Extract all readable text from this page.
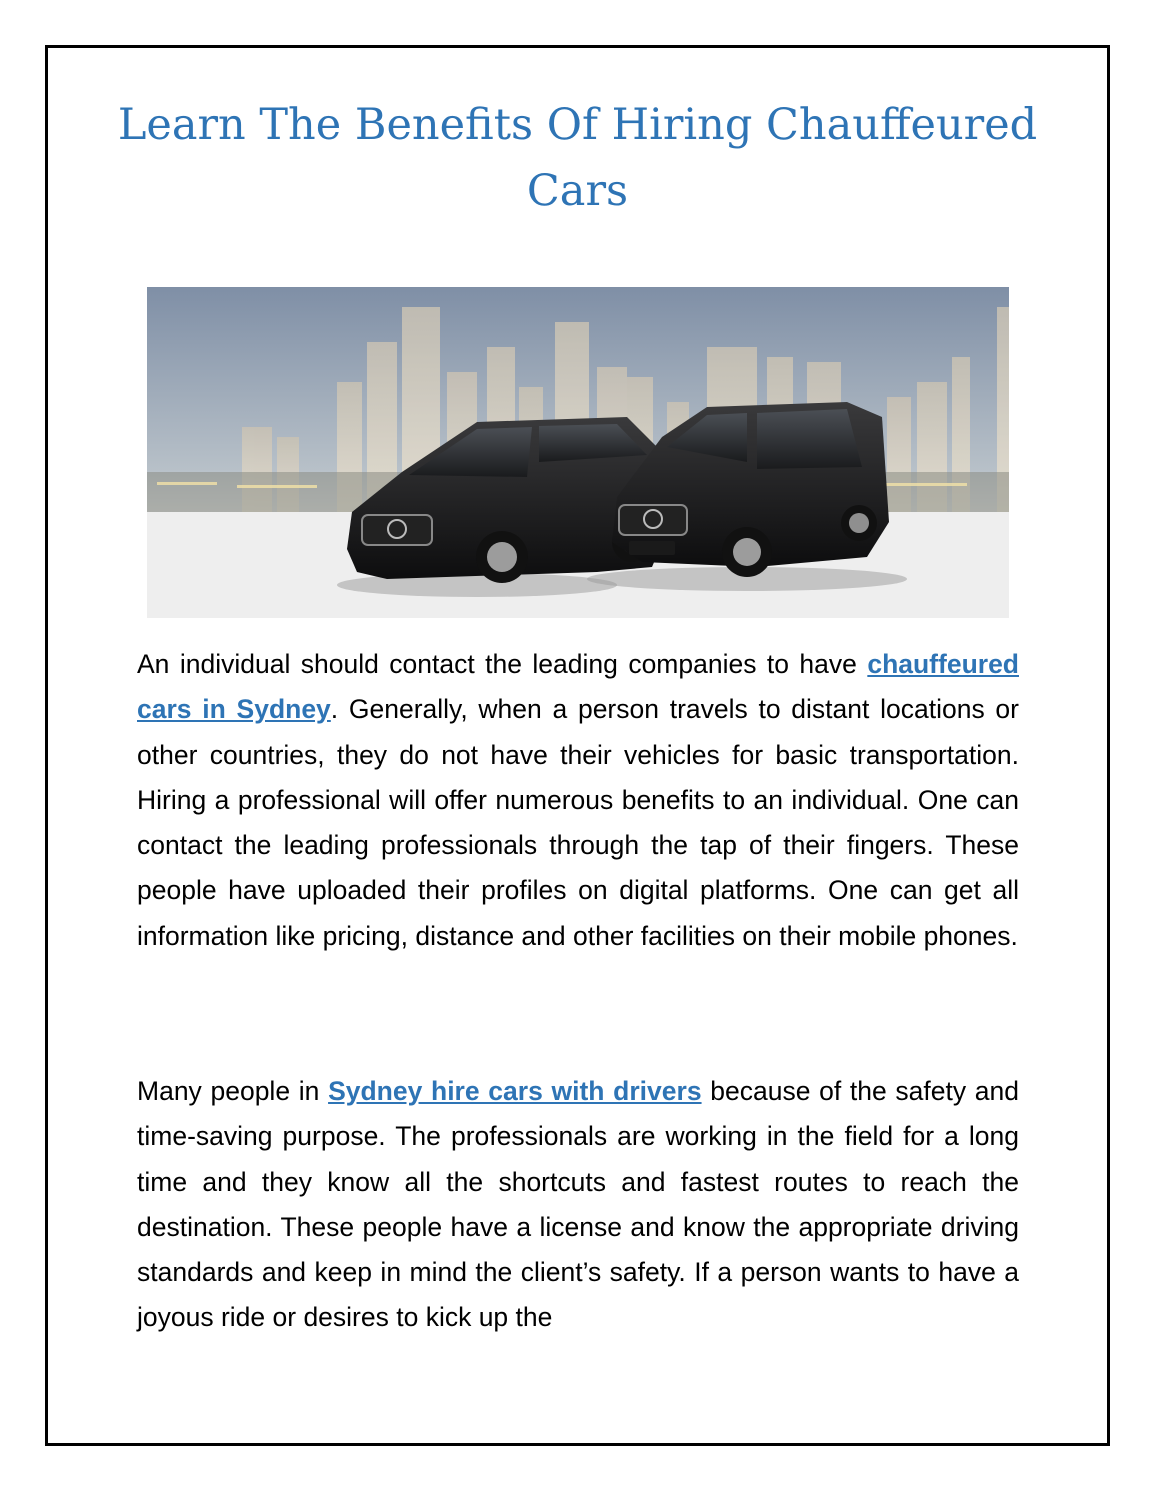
Learn The Benefits Of Hiring Chauffeured Cars

An individual should contact the leading companies to have chauffeured cars in Sydney. Generally, when a person travels to distant locations or other countries, they do not have their vehicles for basic transportation. Hiring a professional will offer numerous benefits to an individual. One can contact the leading professionals through the tap of their fingers. These people have uploaded their profiles on digital platforms. One can get all information like pricing, distance and other facilities on their mobile phones.

Many people in Sydney hire cars with drivers because of the safety and time-saving purpose. The professionals are working in the field for a long time and they know all the shortcuts and fastest routes to reach the destination. These people have a license and know the appropriate driving standards and keep in mind the client’s safety. If a person wants to have a joyous ride or desires to kick up the
